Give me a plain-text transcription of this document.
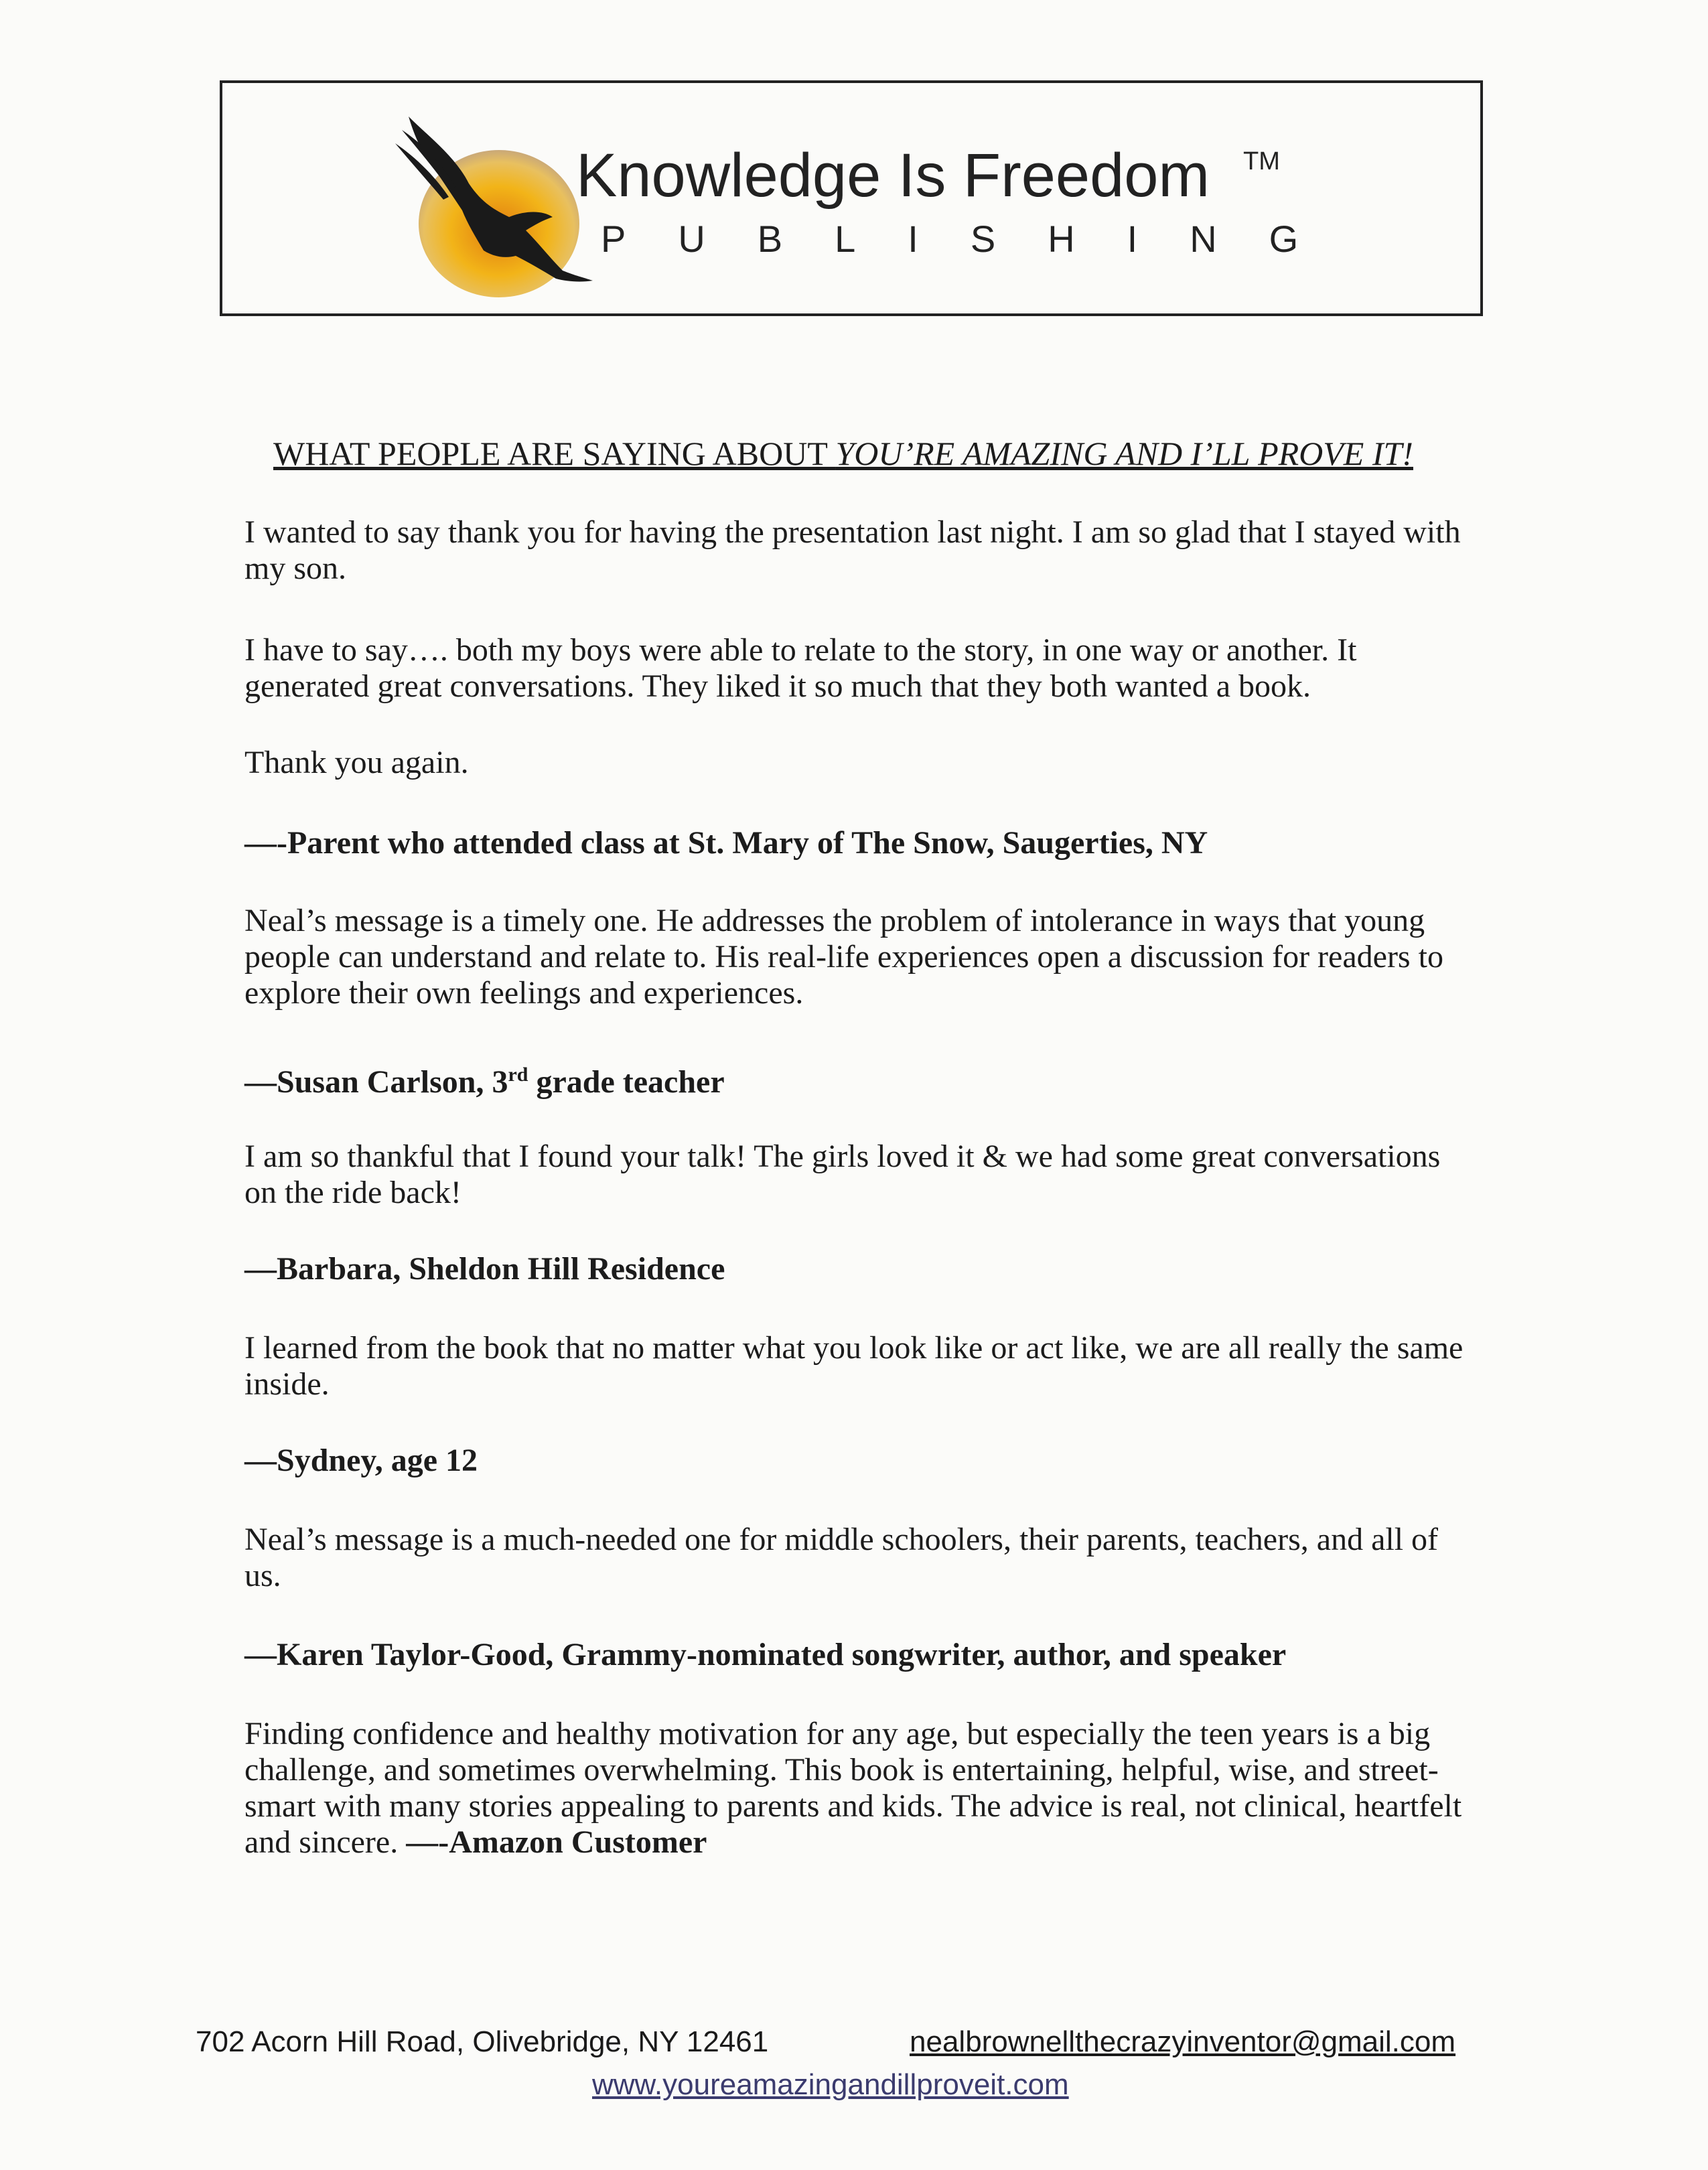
Knowledge Is Freedom TM
PUBLISHING
WHAT PEOPLE ARE SAYING ABOUT YOU’RE AMAZING AND I’LL PROVE IT!

I wanted to say thank you for having the presentation last night. I am so glad that I stayed with my son.

I have to say…. both my boys were able to relate to the story, in one way or another. It generated great conversations. They liked it so much that they both wanted a book.

Thank you again.

—-Parent who attended class at St. Mary of The Snow, Saugerties, NY

Neal’s message is a timely one. He addresses the problem of intolerance in ways that young people can understand and relate to. His real-life experiences open a discussion for readers to explore their own feelings and experiences.

—Susan Carlson, 3rd grade teacher

I am so thankful that I found your talk! The girls loved it & we had some great conversations on the ride back!

—Barbara, Sheldon Hill Residence

I learned from the book that no matter what you look like or act like, we are all really the same inside.

—Sydney, age 12

Neal’s message is a much-needed one for middle schoolers, their parents, teachers, and all of us.

—Karen Taylor-Good, Grammy-nominated songwriter, author, and speaker

Finding confidence and healthy motivation for any age, but especially the teen years is a big challenge, and sometimes overwhelming. This book is entertaining, helpful, wise, and street-smart with many stories appealing to parents and kids. The advice is real, not clinical, heartfelt and sincere. —-Amazon Customer

702 Acorn Hill Road, Olivebridge, NY 12461	nealbrownellthecrazyinventor@gmail.com
www.youreamazingandillproveit.com
